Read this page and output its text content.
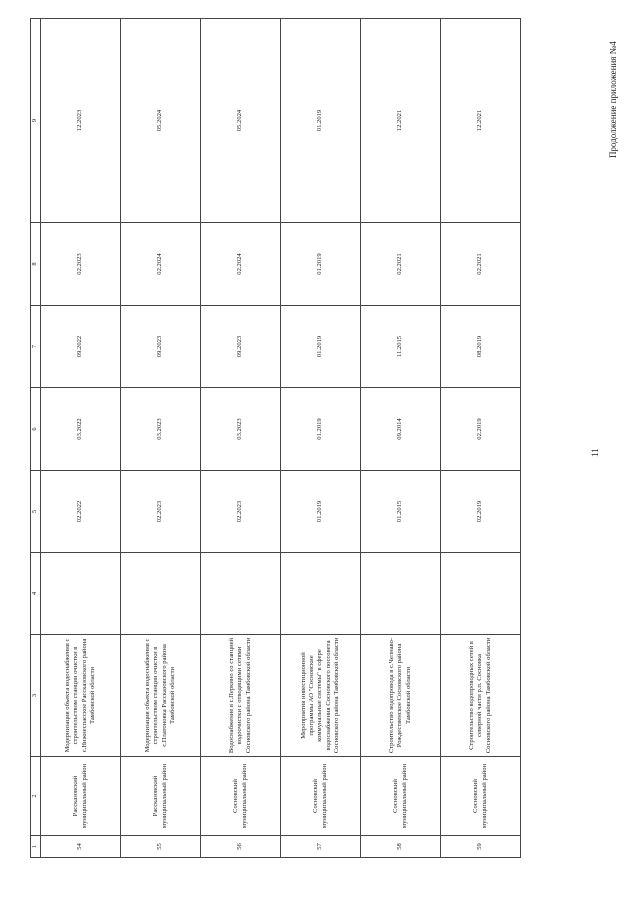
Продолжение приложения №4
11
1	2	3	4	5	6	7	8	9
54	Рассказовский муниципальный район	Модернизация объекта водоснабжения с строительством станции очистки в с.Нижнеспасское Рассказовского района Тамбовской области		02.2022	03.2022	09.2022	02.2023	12.2023
55	Рассказовский муниципальный район	Модернизация объекта водоснабжения с строительством станции очистки в с.Платоновка Рассказовского района Тамбовской области		02.2023	03.2023	09.2023	02.2024	05.2024
56	Сосновский муниципальный район	Водоснабжение в с.Перкино со станцией водоочистки с отводящими сетями Сосновского района Тамбовской области		02.2023	03.2023	09.2023	02.2024	05.2024
57	Сосновский муниципальный район	Мероприятия инвестиционной программы АО "Сосновские коммунальные системы" в сфере водоснабжения Сосновского поссовета Сосновского района Тамбовской области		01.2019	01.2019	01.2019	01.2019	01.2019
58	Сосновский муниципальный район	Строительство водопровода в с.Челнаво-Рождественское Сосновского района Тамбовской области		01.2015	09.2014	11.2015	02.2021	12.2021
59	Сосновский муниципальный район	Строительство водопроводных сетей в северной части р.п. Сосновка Сосновского района Тамбовской области		02.2019	02.2019	08.2019	02.2021	12.2021
